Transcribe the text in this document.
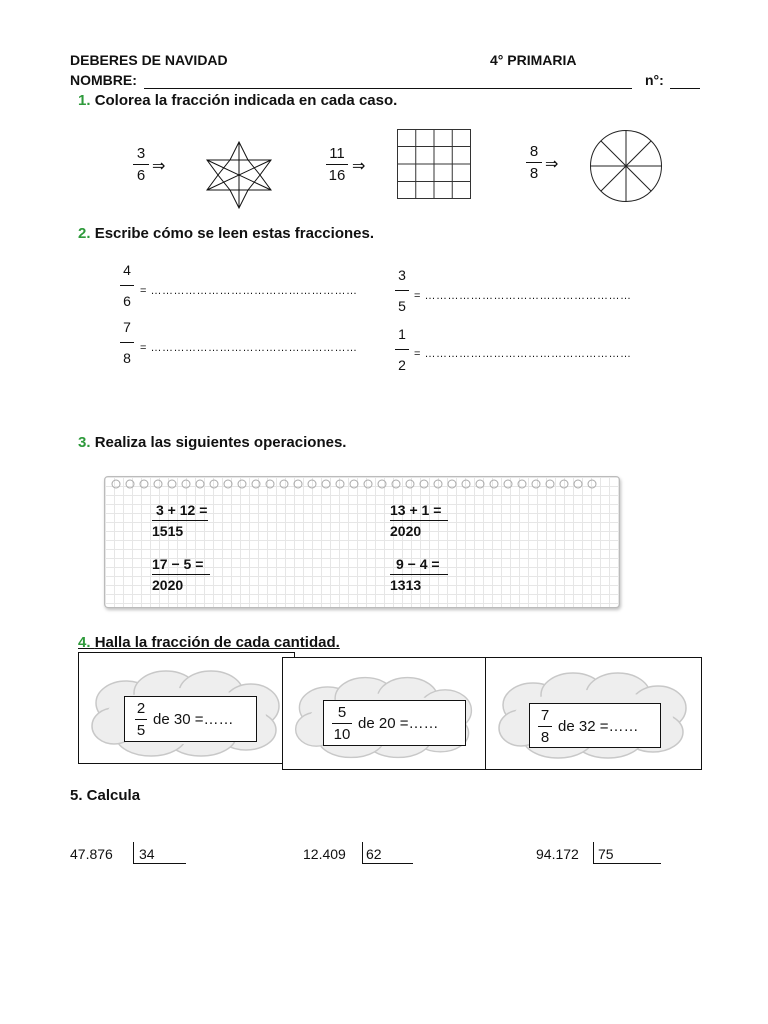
DEBERES DE NAVIDAD	4° PRIMARIA
NOMBRE:	n°:
1. Colorea la fracción indicada en cada caso.
3
6
⇒
11
16
⇒
8
8
⇒
2. Escribe cómo se leen estas fracciones.
4
6
= ………………………………………………
3
5
= ………………………………………………
7
8
= ………………………………………………
1
2
= ………………………………………………
3. Realiza las siguientes operaciones.
3 + 12 =
1515
13 + 1 =
2020
17 − 5 =
2020
9 − 4 =
1313
4. Halla la fracción de cada cantidad.
2
5
de 30 =……	5
10
de 20 =……	7
8
de 32 =……
5. Calcula
47.876 34	12.409 62	94.172 75
